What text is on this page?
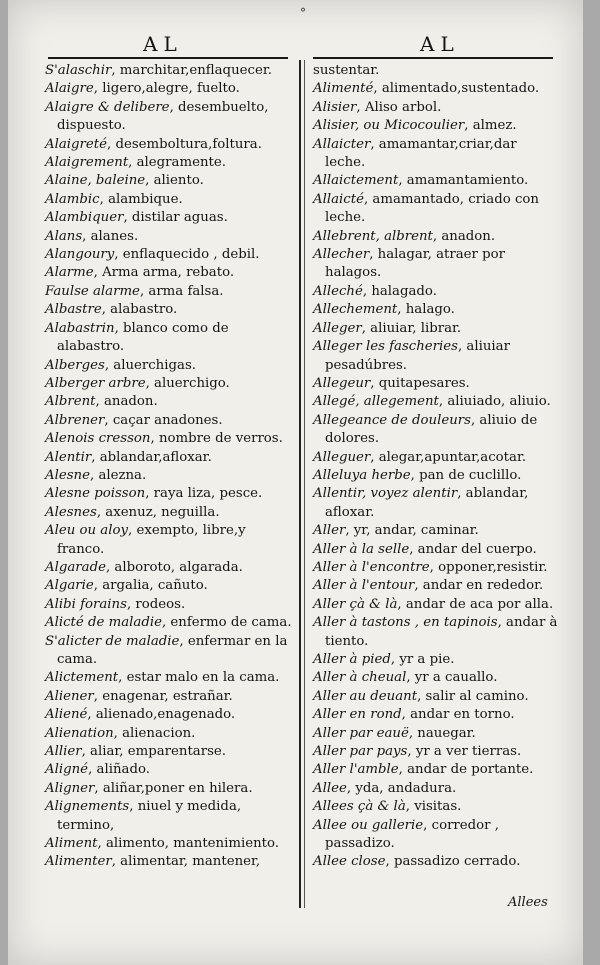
°
AL	AL

S'alaschir, marchitar,enflaquecer.

Alaigre, ligero,alegre, fuelto.

Alaigre & delibere, desembuelto, dispuesto.

Alaigreté, desemboltura,foltura.

Alaigrement, alegramente.

Alaine, baleine, aliento.

Alambic, alambique.

Alambiquer, distilar aguas.

Alans, alanes.

Alangoury, enflaquecido , debil.

Alarme, Arma arma, rebato.

Faulse alarme, arma falsa.

Albastre, alabastro.

Alabastrin, blanco como de alabastro.

Alberges, aluerchigas.

Alberger arbre, aluerchigo.

Albrent, anadon.

Albrener, caçar anadones.

Alenois cresson, nombre de verros.

Alentir, ablandar,afloxar.

Alesne, alezna.

Alesne poisson, raya liza, pesce.

Alesnes, axenuz, neguilla.

Aleu ou aloy, exempto, libre,y franco.

Algarade, alboroto, algarada.

Algarie, argalia, cañuto.

Alibi forains, rodeos.

Alicté de maladie, enfermo de cama.

S'alicter de maladie, enfermar en la cama.

Alictement, estar malo en la cama.

Aliener, enagenar, estrañar.

Aliené, alienado,enagenado.

Alienation, alienacion.

Allier, aliar, emparentarse.

Aligné, aliñado.

Aligner, aliñar,poner en hilera.

Alignements, niuel y medida, termino,

Aliment, alimento, mantenimiento.

Alimenter, alimentar, mantener,

sustentar.

Alimenté, alimentado,sustentado.

Alisier, Aliso arbol.

Alisier, ou Micocoulier, almez.

Allaicter, amamantar,criar,dar leche.

Allaictement, amamantamiento.

Allaicté, amamantado, criado con leche.

Allebrent, albrent, anadon.

Allecher, halagar, atraer por halagos.

Alleché, halagado.

Allechement, halago.

Alleger, aliuiar, librar.

Alleger les fascheries, aliuiar pesadúbres.

Allegeur, quitapesares.

Allegé, allegement, aliuiado, aliuio.

Allegeance de douleurs, aliuio de dolores.

Alleguer, alegar,apuntar,acotar.

Alleluya herbe, pan de cuclillo.

Allentir, voyez alentir, ablandar, afloxar.

Aller, yr, andar, caminar.

Aller à la selle, andar del cuerpo.

Aller à l'encontre, opponer,resistir.

Aller à l'entour, andar en rededor.

Aller çà & là, andar de aca por alla.

Aller à tastons , en tapinois, andar à tiento.

Aller à pied, yr a pie.

Aller à cheual, yr a cauallo.

Aller au deuant, salir al camino.

Aller en rond, andar en torno.

Aller par eauë, nauegar.

Aller par pays, yr a ver tierras.

Aller l'amble, andar de portante.

Allee, yda, andadura.

Allees çà & là, visitas.

Allee ou gallerie, corredor , passadizo.

Allee close, passadizo cerrado.

Allees
